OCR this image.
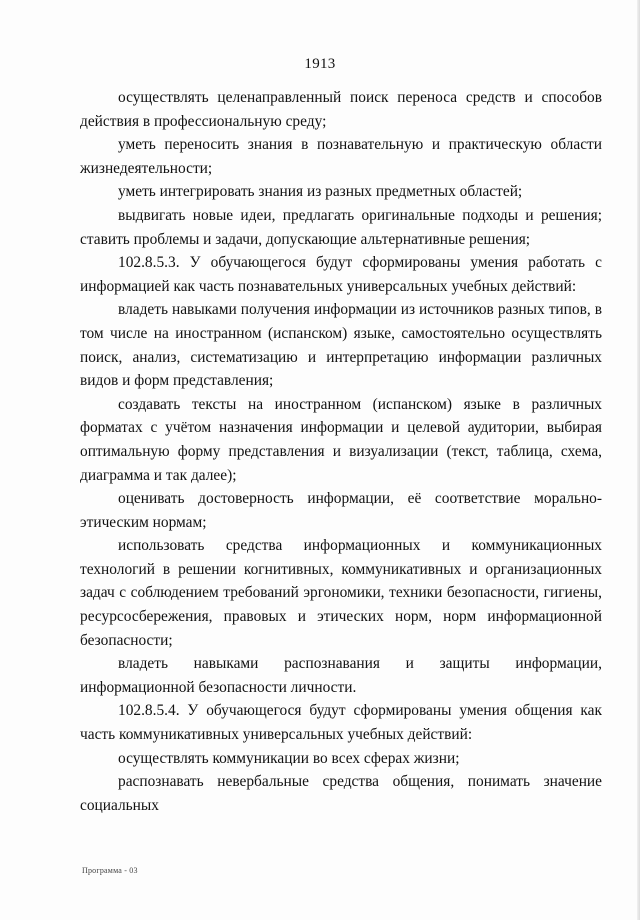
1913

осуществлять целенаправленный поиск переноса средств и способов действия в профессиональную среду;

уметь переносить знания в познавательную и практическую области жизнедеятельности;

уметь интегрировать знания из разных предметных областей;

выдвигать новые идеи, предлагать оригинальные подходы и решения; ставить проблемы и задачи, допускающие альтернативные решения;

102.8.5.3. У обучающегося будут сформированы умения работать с информацией как часть познавательных универсальных учебных действий:

владеть навыками получения информации из источников разных типов, в том числе на иностранном (испанском) языке, самостоятельно осуществлять поиск, анализ, систематизацию и интерпретацию информации различных видов и форм представления;

создавать тексты на иностранном (испанском) языке в различных форматах с учётом назначения информации и целевой аудитории, выбирая оптимальную форму представления и визуализации (текст, таблица, схема, диаграмма и так далее);

оценивать достоверность информации, её соответствие морально-этическим нормам;

использовать средства информационных и коммуникационных технологий в решении когнитивных, коммуникативных и организационных задач с соблюдением требований эргономики, техники безопасности, гигиены, ресурсосбережения, правовых и этических норм, норм информационной безопасности;

владеть навыками распознавания и защиты информации, информационной безопасности личности.

102.8.5.4. У обучающегося будут сформированы умения общения как часть коммуникативных универсальных учебных действий:

осуществлять коммуникации во всех сферах жизни;

распознавать невербальные средства общения, понимать значение социальных

Программа - 03
